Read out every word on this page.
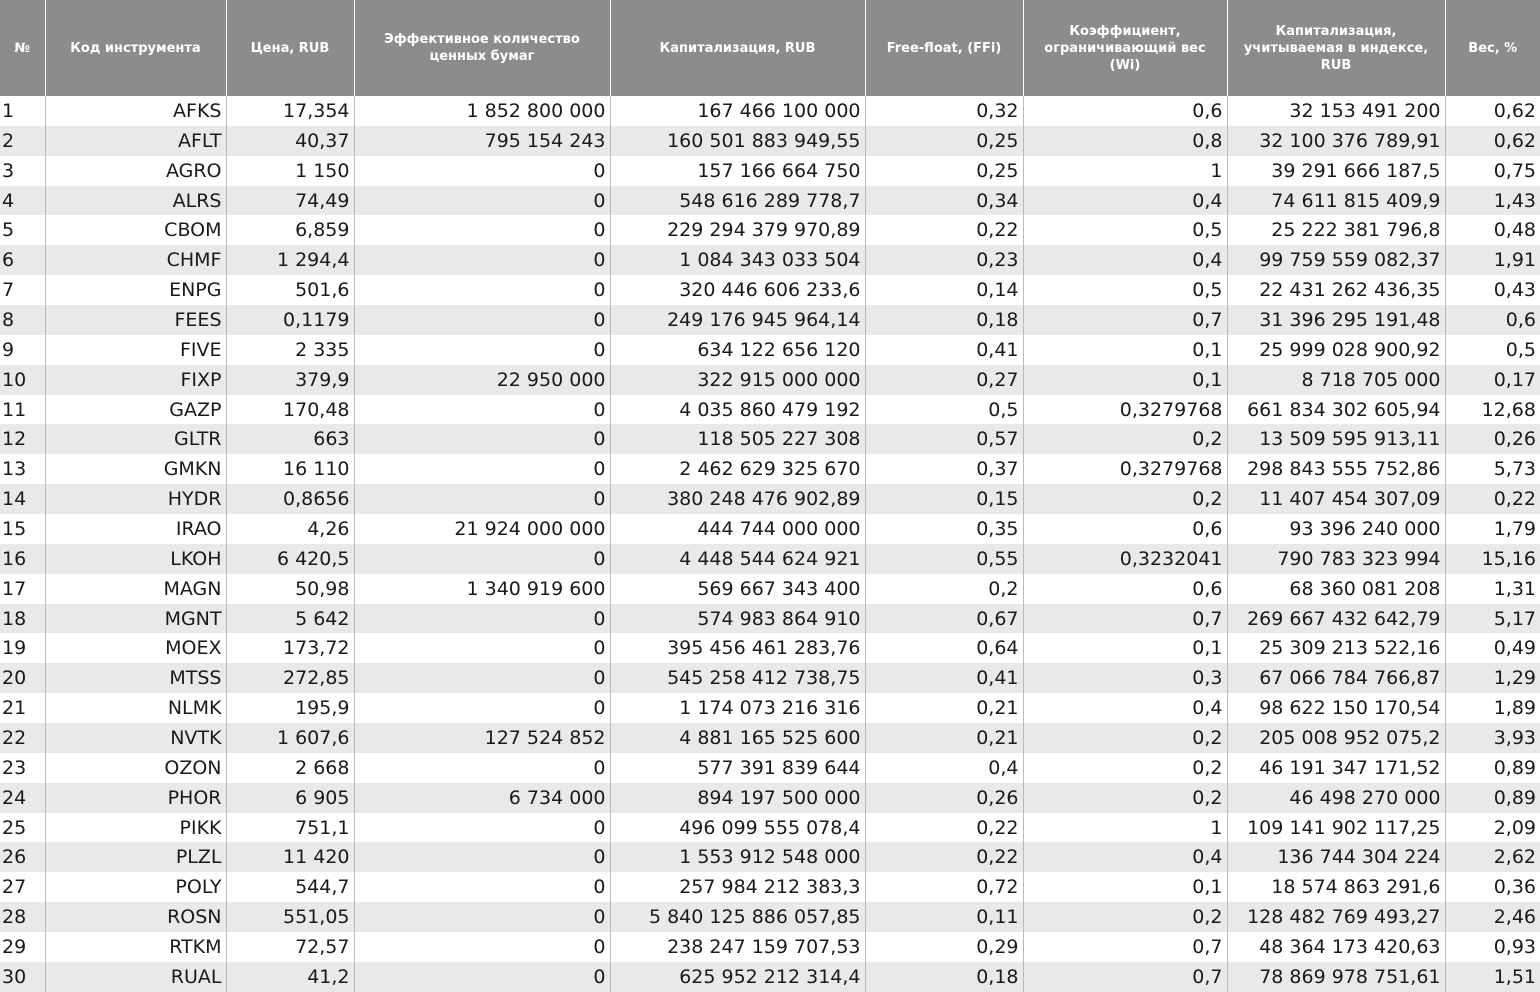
№	Код инструмента	Цена, RUB	Эффективное количество ценных бумаг	Капитализация, RUB	Free-float, (FFi)	Коэффициент, ограничивающий вес (Wi)	Капитализация, учитываемая в индексе, RUB	Вес, %
1	AFKS	17,354	1 852 800 000	167 466 100 000	0,32	0,6	32 153 491 200	0,62
2	AFLT	40,37	795 154 243	160 501 883 949,55	0,25	0,8	32 100 376 789,91	0,62
3	AGRO	1 150	0	157 166 664 750	0,25	1	39 291 666 187,5	0,75
4	ALRS	74,49	0	548 616 289 778,7	0,34	0,4	74 611 815 409,9	1,43
5	CBOM	6,859	0	229 294 379 970,89	0,22	0,5	25 222 381 796,8	0,48
6	CHMF	1 294,4	0	1 084 343 033 504	0,23	0,4	99 759 559 082,37	1,91
7	ENPG	501,6	0	320 446 606 233,6	0,14	0,5	22 431 262 436,35	0,43
8	FEES	0,1179	0	249 176 945 964,14	0,18	0,7	31 396 295 191,48	0,6
9	FIVE	2 335	0	634 122 656 120	0,41	0,1	25 999 028 900,92	0,5
10	FIXP	379,9	22 950 000	322 915 000 000	0,27	0,1	8 718 705 000	0,17
11	GAZP	170,48	0	4 035 860 479 192	0,5	0,3279768	661 834 302 605,94	12,68
12	GLTR	663	0	118 505 227 308	0,57	0,2	13 509 595 913,11	0,26
13	GMKN	16 110	0	2 462 629 325 670	0,37	0,3279768	298 843 555 752,86	5,73
14	HYDR	0,8656	0	380 248 476 902,89	0,15	0,2	11 407 454 307,09	0,22
15	IRAO	4,26	21 924 000 000	444 744 000 000	0,35	0,6	93 396 240 000	1,79
16	LKOH	6 420,5	0	4 448 544 624 921	0,55	0,3232041	790 783 323 994	15,16
17	MAGN	50,98	1 340 919 600	569 667 343 400	0,2	0,6	68 360 081 208	1,31
18	MGNT	5 642	0	574 983 864 910	0,67	0,7	269 667 432 642,79	5,17
19	MOEX	173,72	0	395 456 461 283,76	0,64	0,1	25 309 213 522,16	0,49
20	MTSS	272,85	0	545 258 412 738,75	0,41	0,3	67 066 784 766,87	1,29
21	NLMK	195,9	0	1 174 073 216 316	0,21	0,4	98 622 150 170,54	1,89
22	NVTK	1 607,6	127 524 852	4 881 165 525 600	0,21	0,2	205 008 952 075,2	3,93
23	OZON	2 668	0	577 391 839 644	0,4	0,2	46 191 347 171,52	0,89
24	PHOR	6 905	6 734 000	894 197 500 000	0,26	0,2	46 498 270 000	0,89
25	PIKK	751,1	0	496 099 555 078,4	0,22	1	109 141 902 117,25	2,09
26	PLZL	11 420	0	1 553 912 548 000	0,22	0,4	136 744 304 224	2,62
27	POLY	544,7	0	257 984 212 383,3	0,72	0,1	18 574 863 291,6	0,36
28	ROSN	551,05	0	5 840 125 886 057,85	0,11	0,2	128 482 769 493,27	2,46
29	RTKM	72,57	0	238 247 159 707,53	0,29	0,7	48 364 173 420,63	0,93
30	RUAL	41,2	0	625 952 212 314,4	0,18	0,7	78 869 978 751,61	1,51
